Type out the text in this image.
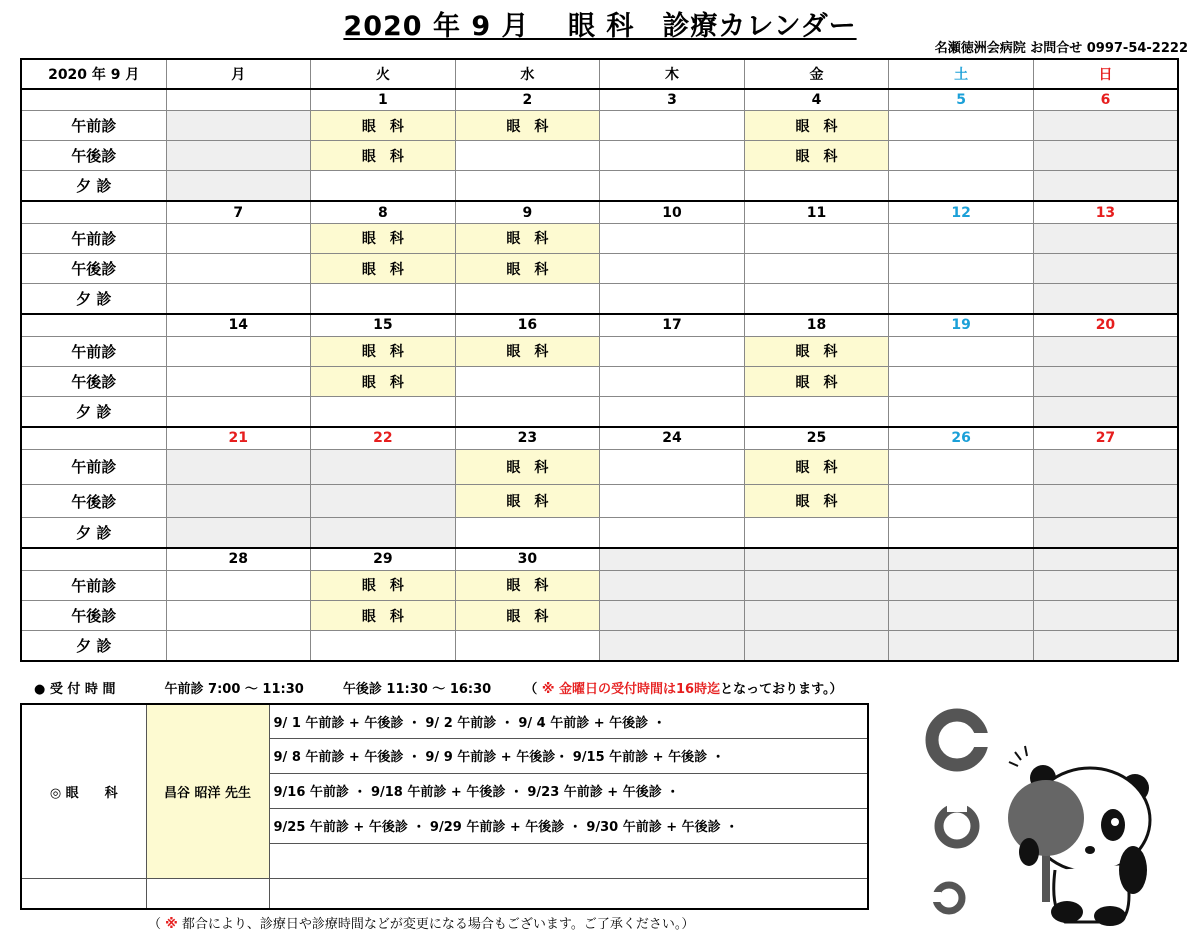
2020 年 9 月　 眼 科　診療カレンダー
名瀬徳洲会病院 お問合せ 0997-54-2222
2020 年 9 月	月	火	水	木	金	土	日
		1	2	3	4	5	6
午前診		眼　科	眼　科		眼　科		
午後診		眼　科			眼　科		
夕 診							
	7	8	9	10	11	12	13
午前診		眼　科	眼　科				
午後診		眼　科	眼　科				
夕 診							
	14	15	16	17	18	19	20
午前診		眼　科	眼　科		眼　科		
午後診		眼　科			眼　科		
夕 診							
	21	22	23	24	25	26	27
午前診			眼　科		眼　科		
午後診			眼　科		眼　科		
夕 診							
	28	29	30				
午前診		眼　科	眼　科				
午後診		眼　科	眼　科				
夕 診							
● 受 付 時 間	午前診 7:00 〜 11:30	午後診 11:30 〜 16:30	（ ※ 金曜日の受付時間は16時迄となっております。）
◎ 眼　　科	昌谷 昭洋 先生	9/ 1 午前診 + 午後診 ・ 9/ 2 午前診 ・ 9/ 4 午前診 + 午後診 ・
		9/ 8 午前診 + 午後診 ・ 9/ 9 午前診 + 午後診・ 9/15 午前診 + 午後診 ・
		9/16 午前診 ・ 9/18 午前診 + 午後診 ・ 9/23 午前診 + 午後診 ・
		9/25 午前診 + 午後診 ・ 9/29 午前診 + 午後診 ・ 9/30 午前診 + 午後診 ・

（ ※ 都合により、診療日や診療時間などが変更になる場合もございます。ご了承ください。）
